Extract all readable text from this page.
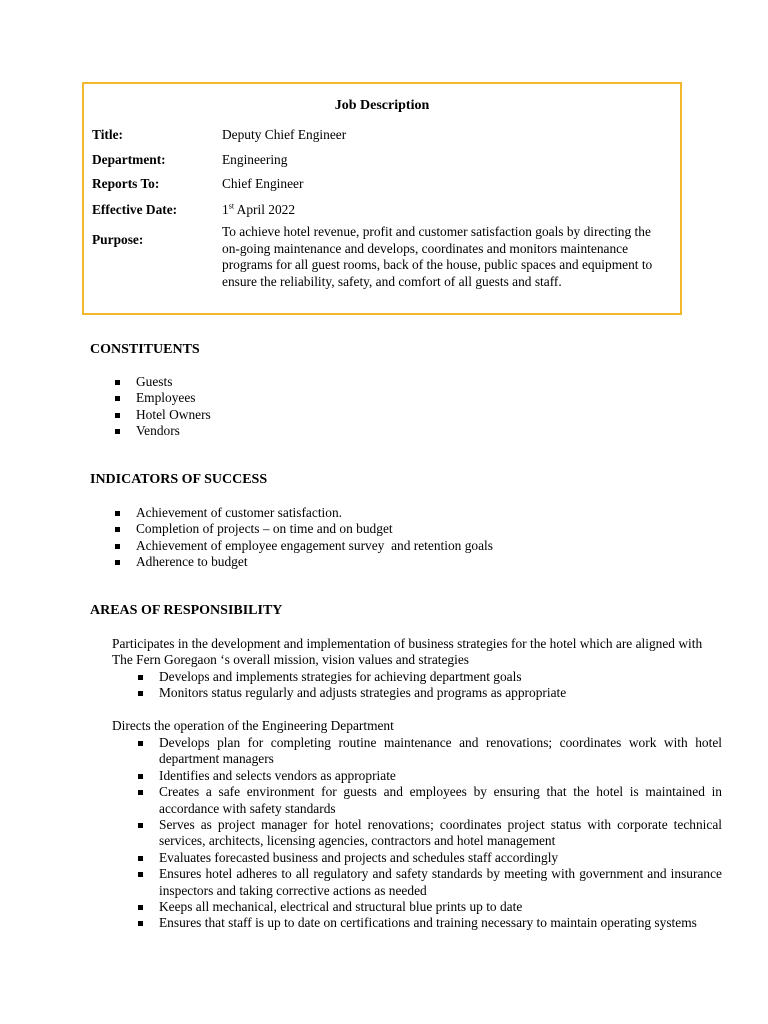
Job Description
Title:	Deputy Chief Engineer
Department:	Engineering
Reports To:	Chief Engineer
Effective Date:	1st April 2022
Purpose:
To achieve hotel revenue, profit and customer satisfaction goals by directing the on-going maintenance and develops, coordinates and monitors maintenance programs for all guest rooms, back of the house, public spaces and equipment to ensure the reliability, safety, and comfort of all guests and staff.
CONSTITUENTS
Guests
Employees
Hotel Owners
Vendors
INDICATORS OF SUCCESS
Achievement of customer satisfaction.
Completion of projects – on time and on budget
Achievement of employee engagement survey  and retention goals
Adherence to budget
AREAS OF RESPONSIBILITY
Participates in the development and implementation of business strategies for the hotel which are aligned with The Fern Goregaon ‘s overall mission, vision values and strategies
Develops and implements strategies for achieving department goals
Monitors status regularly and adjusts strategies and programs as appropriate
Directs the operation of the Engineering Department
Develops plan for completing routine maintenance and renovations; coordinates work with hotel department managers
Identifies and selects vendors as appropriate
Creates a safe environment for guests and employees by ensuring that the hotel is maintained in accordance with safety standards
Serves as project manager for hotel renovations; coordinates project status with corporate technical services, architects, licensing agencies, contractors and hotel management
Evaluates forecasted business and projects and schedules staff accordingly
Ensures hotel adheres to all regulatory and safety standards by meeting with government and insurance inspectors and taking corrective actions as needed
Keeps all mechanical, electrical and structural blue prints up to date
Ensures that staff is up to date on certifications and training necessary to maintain operating systems
